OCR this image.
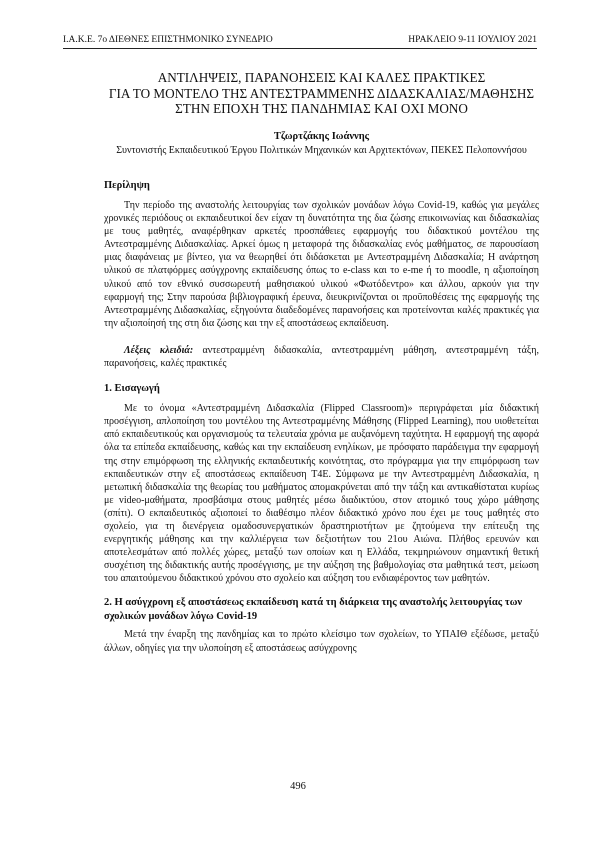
Ι.Α.Κ.Ε. 7ο ΔΙΕΘΝΕΣ ΕΠΙΣΤΗΜΟΝΙΚΟ ΣΥΝΕΔΡΙΟ	ΗΡΑΚΛΕΙΟ 9-11 ΙΟΥΛΙΟΥ 2021
ΑΝΤΙΛΗΨΕΙΣ, ΠΑΡΑΝΟΗΣΕΙΣ ΚΑΙ ΚΑΛΕΣ ΠΡΑΚΤΙΚΕΣ
ΓΙΑ ΤΟ ΜΟΝΤΕΛΟ ΤΗΣ ΑΝΤΕΣΤΡΑΜΜΕΝΗΣ ΔΙΔΑΣΚΑΛΙΑΣ/ΜΑΘΗΣΗΣ
ΣΤΗΝ ΕΠΟΧΗ ΤΗΣ ΠΑΝΔΗΜΙΑΣ ΚΑΙ ΟΧΙ ΜΟΝΟ
Τζωρτζάκης Ιωάννης
Συντονιστής Εκπαιδευτικού Έργου Πολιτικών Μηχανικών και Αρχιτεκτόνων, ΠΕΚΕΣ Πελοποννήσου
Περίληψη

Την περίοδο της αναστολής λειτουργίας των σχολικών μονάδων λόγω Covid-19, καθώς για μεγάλες χρονικές περιόδους οι εκπαιδευτικοί δεν είχαν τη δυνατότητα της δια ζώσης επικοινωνίας και διδασκαλίας με τους μαθητές, αναφέρθηκαν αρκετές προσπάθειες εφαρμογής του διδακτικού μοντέλου της Αντεστραμμένης Διδασκαλίας. Αρκεί όμως η μεταφορά της διδασκαλίας ενός μαθήματος, σε παρουσίαση μιας διαφάνειας με βίντεο, για να θεωρηθεί ότι διδάσκεται με Αντεστραμμένη Διδασκαλία; Η ανάρτηση υλικού σε πλατφόρμες ασύγχρονης εκπαίδευσης όπως το e-class και το e-me ή το moodle, η αξιοποίηση υλικού από τον εθνικό συσσωρευτή μαθησιακού υλικού «Φωτόδεντρο» και άλλου, αρκούν για την εφαρμογή της; Στην παρούσα βιβλιογραφική έρευνα, διευκρινίζονται οι προϋποθέσεις της εφαρμογής της Αντεστραμμένης Διδασκαλίας, εξηγούντα διαδεδομένες παρανοήσεις και προτείνονται καλές πρακτικές για την αξιοποίησή της στη δια ζώσης και την εξ αποστάσεως εκπαίδευση.

Λέξεις κλειδιά: αντεστραμμένη διδασκαλία, αντεστραμμένη μάθηση, αντεστραμμένη τάξη, παρανοήσεις, καλές πρακτικές
1. Εισαγωγή

Με το όνομα «Αντεστραμμένη Διδασκαλία (Flipped Classroom)» περιγράφεται μία διδακτική προσέγγιση, απλοποίηση του μοντέλου της Αντεστραμμένης Μάθησης (Flipped Learning), που υιοθετείται από εκπαιδευτικούς και οργανισμούς τα τελευταία χρόνια με αυξανόμενη ταχύτητα. Η εφαρμογή της αφορά όλα τα επίπεδα εκπαίδευσης, καθώς και την εκπαίδευση ενηλίκων, με πρόσφατο παράδειγμα την εφαρμογή της στην επιμόρφωση της ελληνικής εκπαιδευτικής κοινότητας, στο πρόγραμμα για την επιμόρφωση των εκπαιδευτικών στην εξ αποστάσεως εκπαίδευση Τ4Ε. Σύμφωνα με την Αντεστραμμένη Διδασκαλία, η μετωπική διδασκαλία της θεωρίας του μαθήματος απομακρύνεται από την τάξη και αντικαθίσταται κυρίως με video-μαθήματα, προσβάσιμα στους μαθητές μέσω διαδικτύου, στον ατομικό τους χώρο μάθησης (σπίτι). Ο εκπαιδευτικός αξιοποιεί το διαθέσιμο πλέον διδακτικό χρόνο που έχει με τους μαθητές στο σχολείο, για τη διενέργεια ομαδοσυνεργατικών δραστηριοτήτων με ζητούμενα την επίτευξη της ενεργητικής μάθησης και την καλλιέργεια των δεξιοτήτων του 21ου Αιώνα. Πλήθος ερευνών και αποτελεσμάτων από πολλές χώρες, μεταξύ των οποίων και η Ελλάδα, τεκμηριώνουν σημαντική θετική συσχέτιση της διδακτικής αυτής προσέγγισης, με την αύξηση της βαθμολογίας στα μαθητικά τεστ, μείωση του απαιτούμενου διδακτικού χρόνου στο σχολείο και αύξηση του ενδιαφέροντος των μαθητών.

2. Η ασύγχρονη εξ αποστάσεως εκπαίδευση κατά τη διάρκεια της αναστολής λειτουργίας των σχολικών μονάδων λόγω Covid-19

Μετά την έναρξη της πανδημίας και το πρώτο κλείσιμο των σχολείων, το ΥΠΑΙΘ εξέδωσε, μεταξύ άλλων, οδηγίες για την υλοποίηση εξ αποστάσεως ασύγχρονης

496
